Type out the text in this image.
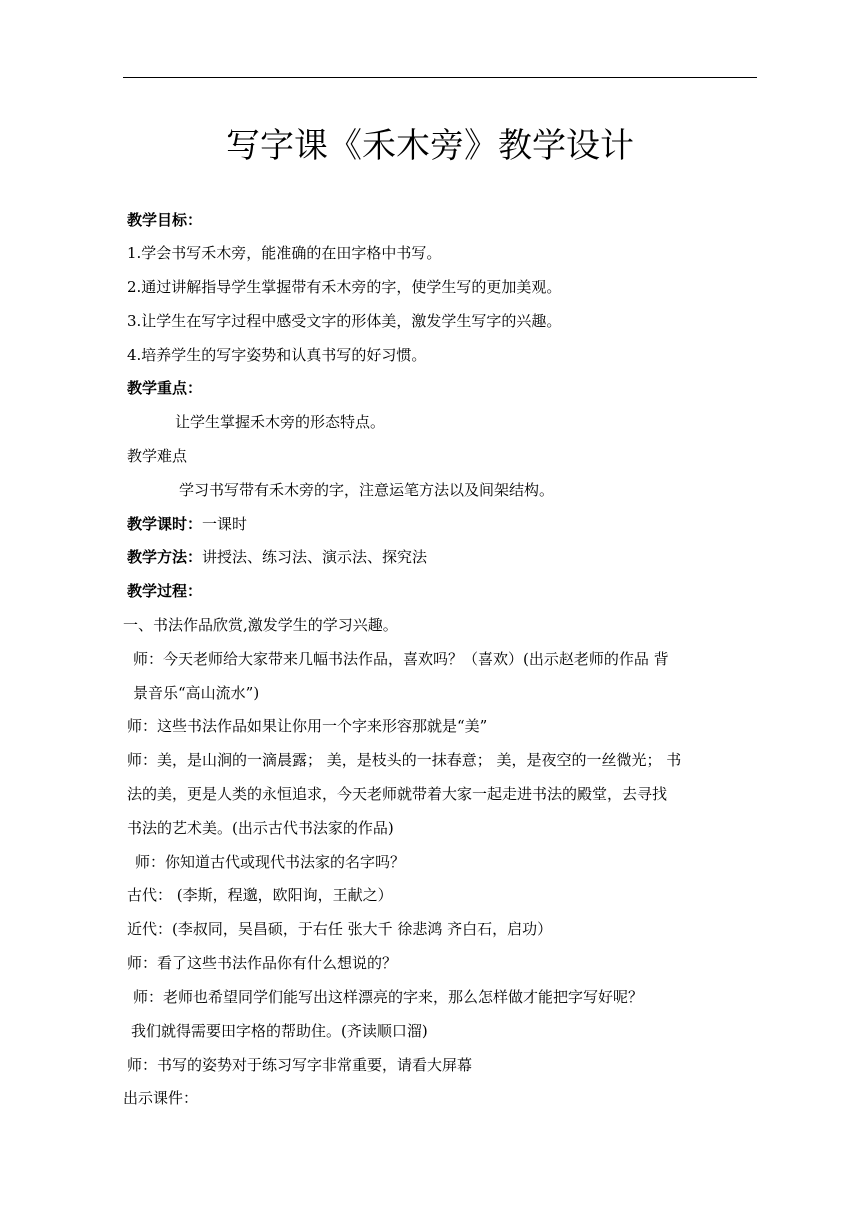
写字课《禾木旁》教学设计
教学目标：
1.学会书写禾木旁，能准确的在田字格中书写。
2.通过讲解指导学生掌握带有禾木旁的字，使学生写的更加美观。
3.让学生在写字过程中感受文字的形体美，激发学生写字的兴趣。
4.培养学生的写字姿势和认真书写的好习惯。
教学重点：
让学生掌握禾木旁的形态特点。
教学难点
学习书写带有禾木旁的字，注意运笔方法以及间架结构。
教学课时：一课时
教学方法：讲授法、练习法、演示法、探究法
教学过程：
一、书法作品欣赏,激发学生的学习兴趣。
师：今天老师给大家带来几幅书法作品，喜欢吗？（喜欢）(出示赵老师的作品 背
景音乐“高山流水”)
师：这些书法作品如果让你用一个字来形容那就是“美”
师：美，是山涧的一滴晨露； 美，是枝头的一抹春意； 美，是夜空的一丝微光； 书
法的美，更是人类的永恒追求，今天老师就带着大家一起走进书法的殿堂，去寻找
书法的艺术美。(出示古代书法家的作品)
师：你知道古代或现代书法家的名字吗？
古代： (李斯，程邈，欧阳询，王献之）
近代：(李叔同，吴昌硕，于右任 张大千 徐悲鸿 齐白石，启功）
师：看了这些书法作品你有什么想说的？
师：老师也希望同学们能写出这样漂亮的字来，那么怎样做才能把字写好呢？
我们就得需要田字格的帮助住。(齐读顺口溜)
师：书写的姿势对于练习写字非常重要，请看大屏幕
出示课件：
